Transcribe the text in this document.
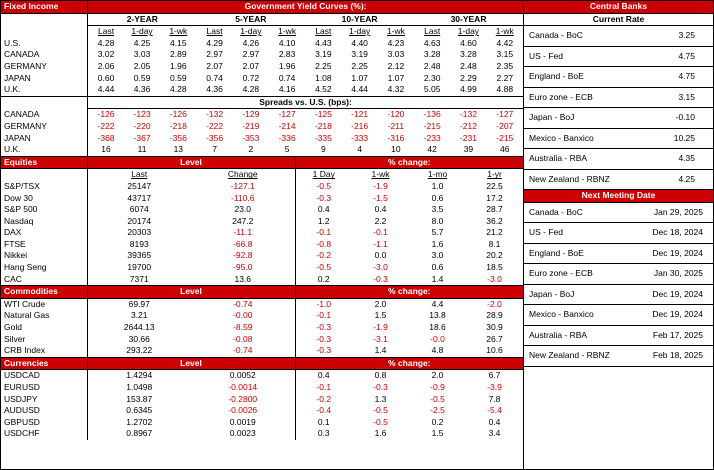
Fixed Income	Government Yield Curves (%):											
	2-YEAR			5-YEAR			10-YEAR			30-YEAR		
	Last	1-day	1-wk	Last	1-day	1-wk	Last	1-day	1-wk	Last	1-day	1-wk
U.S.	4.28	4.25	4.15	4.29	4.26	4.10	4.43	4.40	4.23	4.63	4.60	4.42
CANADA	3.02	3.03	2.89	2.97	2.97	2.83	3.19	3.19	3.03	3.28	3.28	3.15
GERMANY	2.06	2.05	1.96	2.07	2.07	1.96	2.25	2.25	2.12	2.48	2.48	2.35
JAPAN	0.60	0.59	0.59	0.74	0.72	0.74	1.08	1.07	1.07	2.30	2.29	2.27
U.K.	4.44	4.36	4.28	4.36	4.28	4.16	4.52	4.44	4.32	5.05	4.99	4.88
	Spreads vs. U.S. (bps):											
CANADA	-126	-123	-126	-132	-129	-127	-125	-121	-120	-136	-132	-127
GERMANY	-222	-220	-218	-222	-219	-214	-218	-216	-211	-215	-212	-207
JAPAN	-368	-367	-356	-356	-353	-336	-335	-333	-316	-233	-231	-215
U.K.	16	11	13	7	2	5	9	4	10	42	39	46
Equities	Level		% change:			
	Last	Change	1 Day	1-wk	1-mo	1-yr
S&P/TSX	25147	-127.1	-0.5	-1.9	1.0	22.5
Dow 30	43717	-110.6	-0.3	-1.5	0.6	17.2
S&P 500	6074	23.0	0.4	0.4	3.5	28.7
Nasdaq	20174	247.2	1.2	2.2	8.0	36.2
DAX	20303	-11.1	-0.1	-0.1	5.7	21.2
FTSE	8193	-66.8	-0.8	-1.1	1.6	8.1
Nikkei	39365	-92.8	-0.2	0.0	3.0	20.2
Hang Seng	19700	-95.0	-0.5	-3.0	0.6	18.5
CAC	7371	13.6	0.2	-0.3	1.4	-3.0
Commodities	Level		% change:			
WTI Crude	69.97	-0.74	-1.0	2.0	4.4	-2.0
Natural Gas	3.21	-0.00	-0.1	1.5	13.8	28.9
Gold	2644.13	-8.59	-0.3	-1.9	18.6	30.9
Silver	30.66	-0.08	-0.3	-3.1	-0.0	26.7
CRB Index	293.22	-0.74	-0.3	1.4	4.8	10.6
Currencies	Level		% change:			
USDCAD	1.4294	0.0052	0.4	0.8	2.0	6.7
EURUSD	1.0498	-0.0014	-0.1	-0.3	-0.9	-3.9
USDJPY	153.87	-0.2800	-0.2	1.3	-0.5	7.8
AUDUSD	0.6345	-0.0026	-0.4	-0.5	-2.5	-5.4
GBPUSD	1.2702	0.0019	0.1	-0.5	0.2	0.4
USDCHF	0.8967	0.0023	0.3	1.6	1.5	3.4
Central Banks	
Current Rate	
Canada - BoC	3.25
US - Fed	4.75
England - BoE	4.75
Euro zone - ECB	3.15
Japan - BoJ	-0.10
Mexico - Banxico	10.25
Australia - RBA	4.35
New Zealand - RBNZ	4.25
Next Meeting Date	
Canada - BoC	Jan 29, 2025
US - Fed	Dec 18, 2024
England - BoE	Dec 19, 2024
Euro zone - ECB	Jan 30, 2025
Japan - BoJ	Dec 19, 2024
Mexico - Banxico	Dec 19, 2024
Australia - RBA	Feb 17, 2025
New Zealand - RBNZ	Feb 18, 2025
